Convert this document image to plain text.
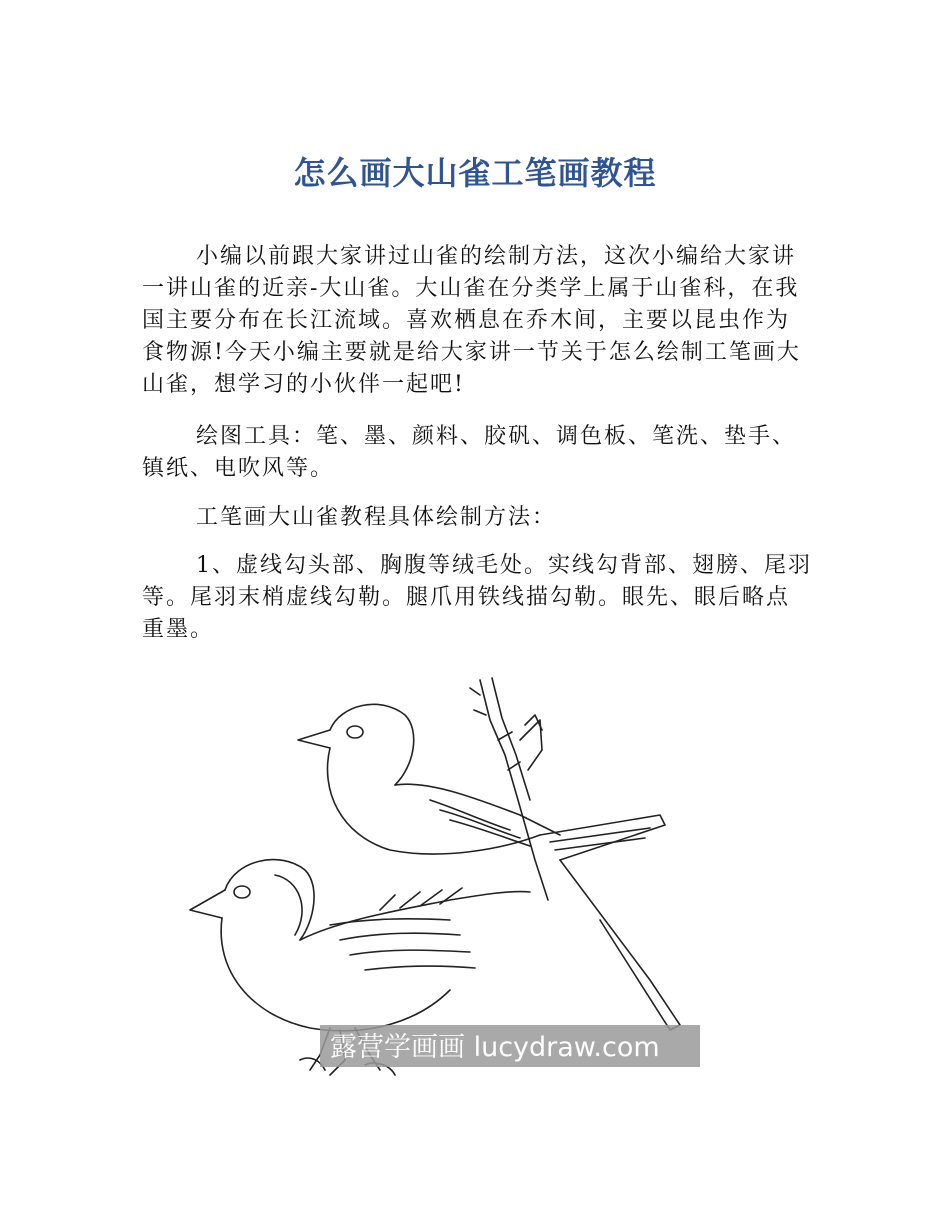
怎么画大山雀工笔画教程

小编以前跟大家讲过山雀的绘制方法，这次小编给大家讲一讲山雀的近亲-大山雀。大山雀在分类学上属于山雀科，在我国主要分布在长江流域。喜欢栖息在乔木间，主要以昆虫作为食物源!今天小编主要就是给大家讲一节关于怎么绘制工笔画大山雀，想学习的小伙伴一起吧!

绘图工具：笔、墨、颜料、胶矾、调色板、笔洗、垫手、镇纸、电吹风等。

工笔画大山雀教程具体绘制方法：

1、虚线勾头部、胸腹等绒毛处。实线勾背部、翅膀、尾羽等。尾羽末梢虚线勾勒。腿爪用铁线描勾勒。眼先、眼后略点重墨。

露营学画画 lucydraw.com
